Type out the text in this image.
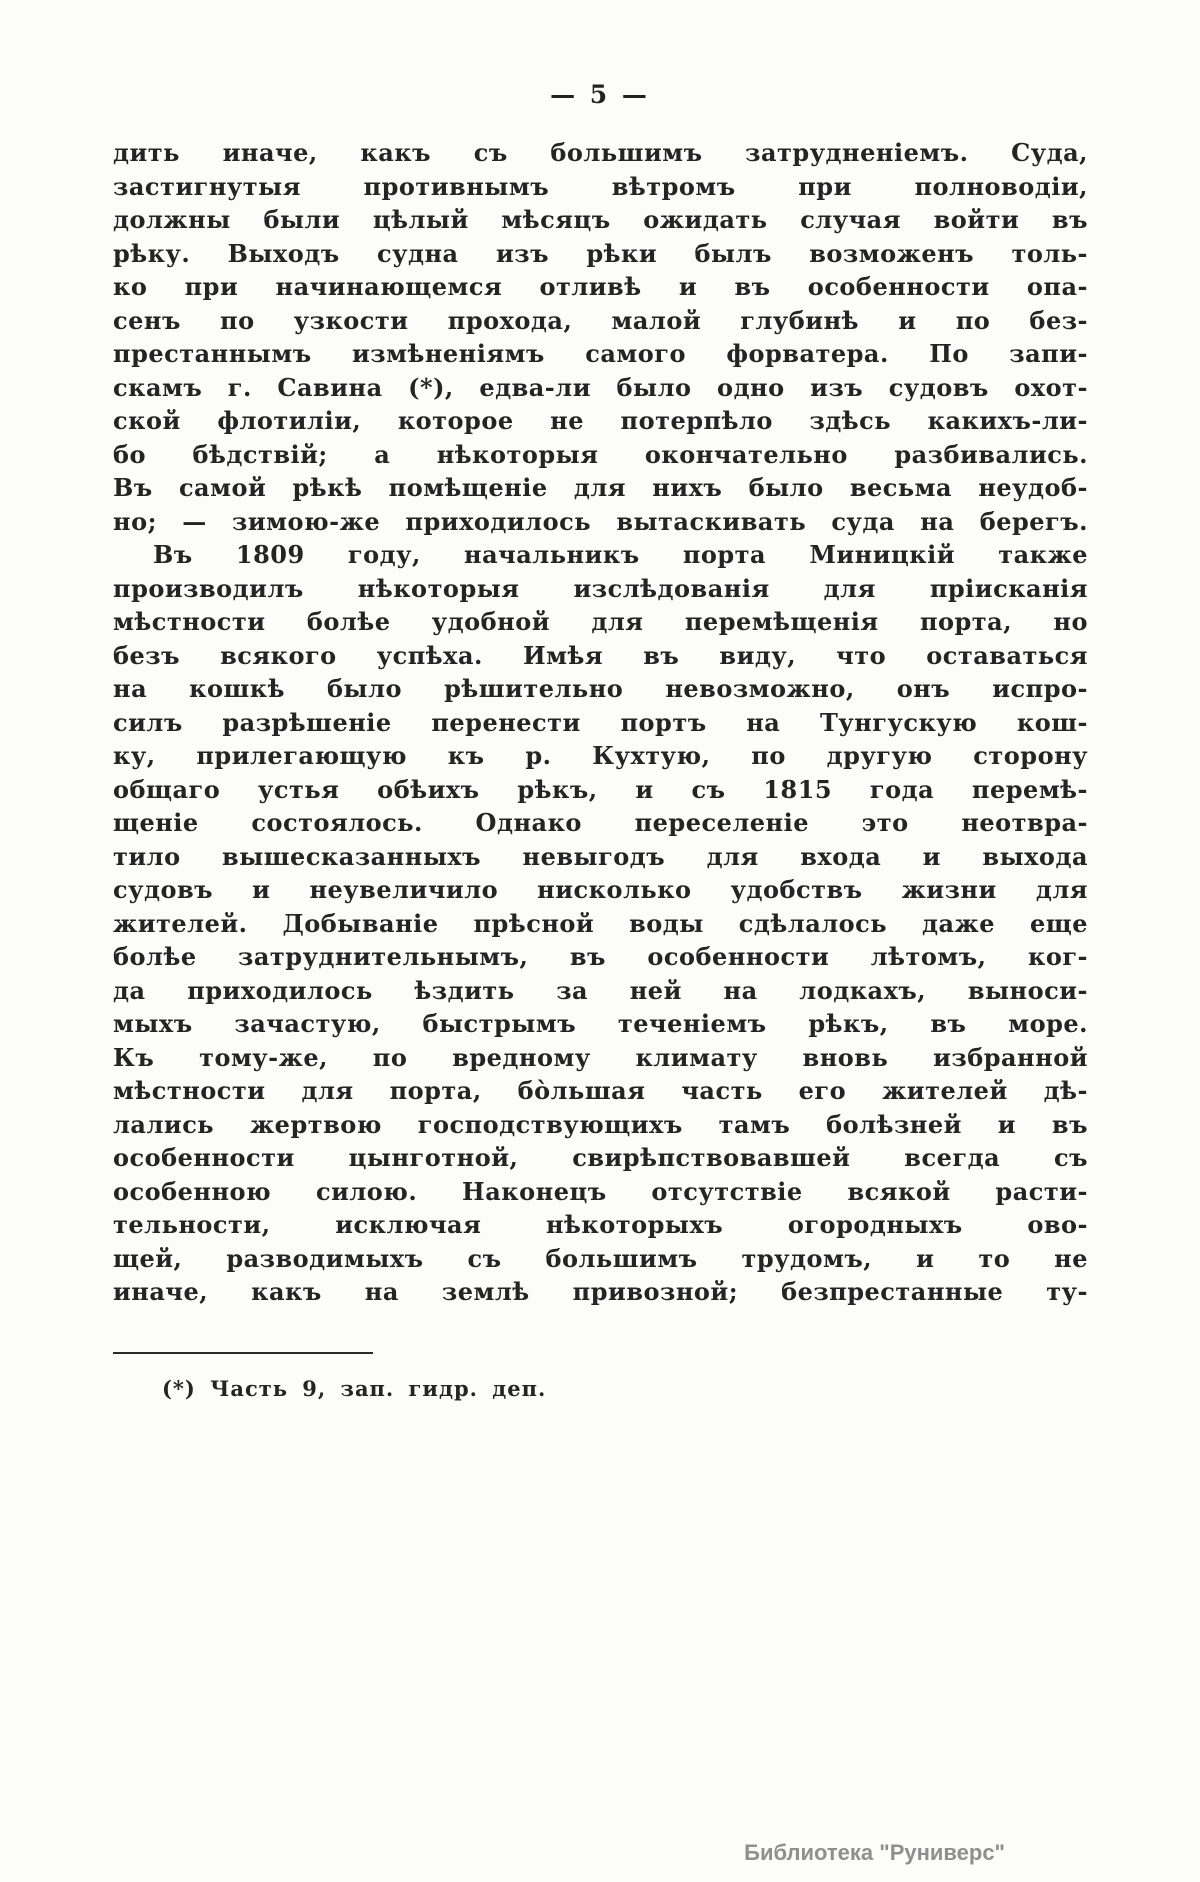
— 5 —
дить иначе, какъ съ большимъ затрудненіемъ. Суда,
застигнутыя противнымъ вѣтромъ при полноводіи,
должны были цѣлый мѣсяцъ ожидать случая войти въ
рѣку. Выходъ судна изъ рѣки былъ возможенъ толь-
ко при начинающемся отливѣ и въ особенности опа-
сенъ по узкости прохода, малой глубинѣ и по без-
престаннымъ измѣненіямъ самого форватера. По запи-
скамъ г. Савина (*), едва-ли было одно изъ судовъ охот-
ской флотиліи, которое не потерпѣло здѣсь какихъ-ли-
бо бѣдствій; а нѣкоторыя окончательно разбивались.
Въ самой рѣкѣ помѣщеніе для нихъ было весьма неудоб-
но; — зимою-же приходилось вытаскивать суда на берегъ.
Въ 1809 году, начальникъ порта Миницкій также
производилъ нѣкоторыя изслѣдованія для пріисканія
мѣстности болѣе удобной для перемѣщенія порта, но
безъ всякого успѣха. Имѣя въ виду, что оставаться
на кошкѣ было рѣшительно невозможно, онъ испро-
силъ разрѣшеніе перенести портъ на Тунгускую кош-
ку, прилегающую къ р. Кухтую, по другую сторону
общаго устья обѣихъ рѣкъ, и съ 1815 года перемѣ-
щеніе состоялось. Однако переселеніе это неотвра-
тило вышесказанныхъ невыгодъ для входа и выхода
судовъ и неувеличило нисколько удобствъ жизни для
жителей. Добываніе прѣсной воды сдѣлалось даже еще
болѣе затруднительнымъ, въ особенности лѣтомъ, ког-
да приходилось ѣздить за ней на лодкахъ, выноси-
мыхъ зачастую, быстрымъ теченіемъ рѣкъ, въ море.
Къ тому-же, по вредному климату вновь избранной
мѣстности для порта, бо̀льшая часть его жителей дѣ-
лались жертвою господствующихъ тамъ болѣзней и въ
особенности цынготной, свирѣпствовавшей всегда съ
особенною силою. Наконецъ отсутствіе всякой расти-
тельности, исключая нѣкоторыхъ огородныхъ ово-
щей, разводимыхъ съ большимъ трудомъ, и то не
иначе, какъ на землѣ привозной; безпрестанные ту-
(*) Часть 9, зап. гидр. деп.
Библиотека "Руниверс"
